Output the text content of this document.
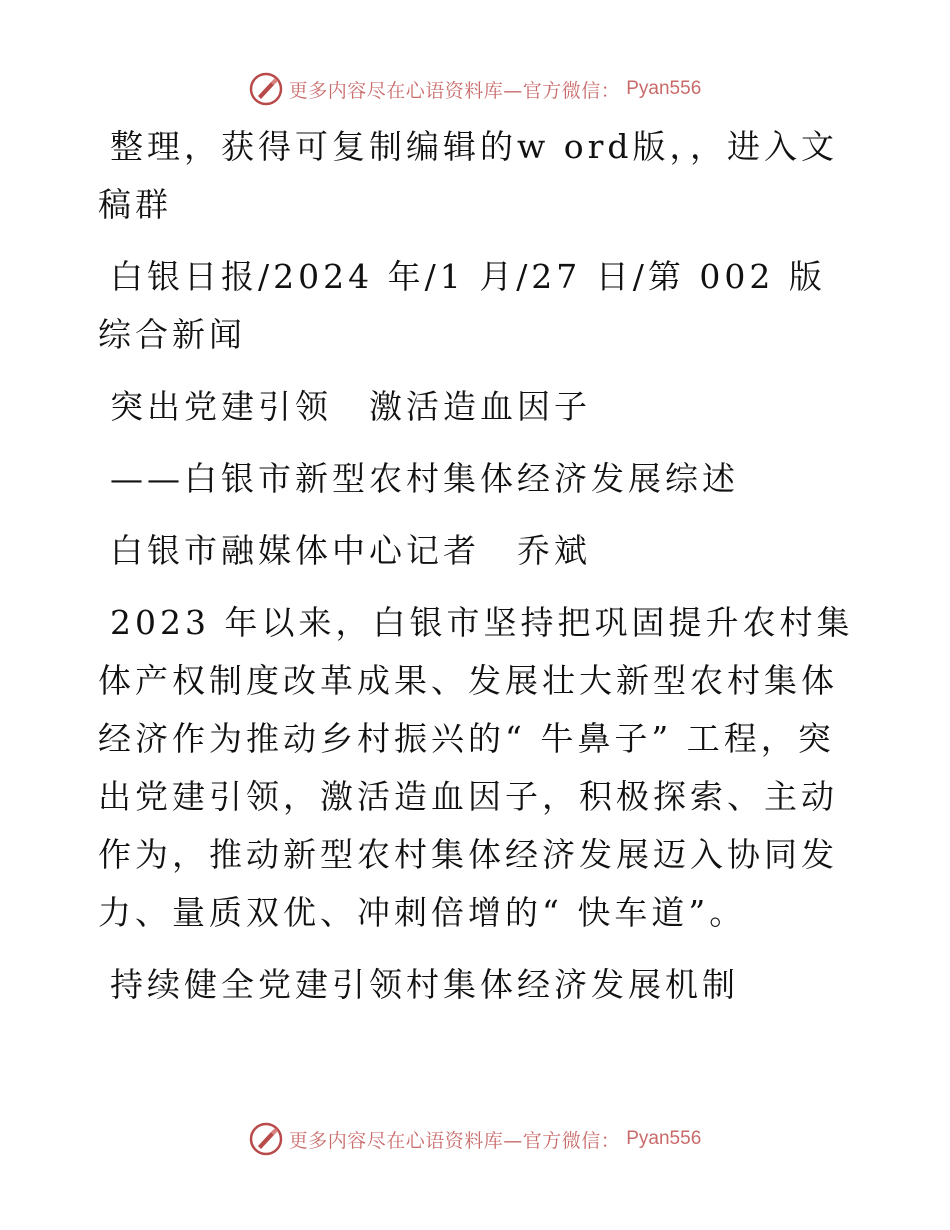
更多内容尽在心语资料库—官方微信： Pyan556

整理，获得可复制编辑的w ord版，，进入文稿群

白银日报/2024 年/1 月/27 日/第 002 版综合新闻

突出党建引领　激活造血因子

——白银市新型农村集体经济发展综述

白银市融媒体中心记者　乔斌

2023 年以来，白银市坚持把巩固提升农村集体产权制度改革成果、发展壮大新型农村集体经济作为推动乡村振兴的“ 牛鼻子” 工程，突出党建引领，激活造血因子，积极探索、主动作为，推动新型农村集体经济发展迈入协同发力、量质双优、冲刺倍增的“ 快车道”。

持续健全党建引领村集体经济发展机制

更多内容尽在心语资料库—官方微信： Pyan556
